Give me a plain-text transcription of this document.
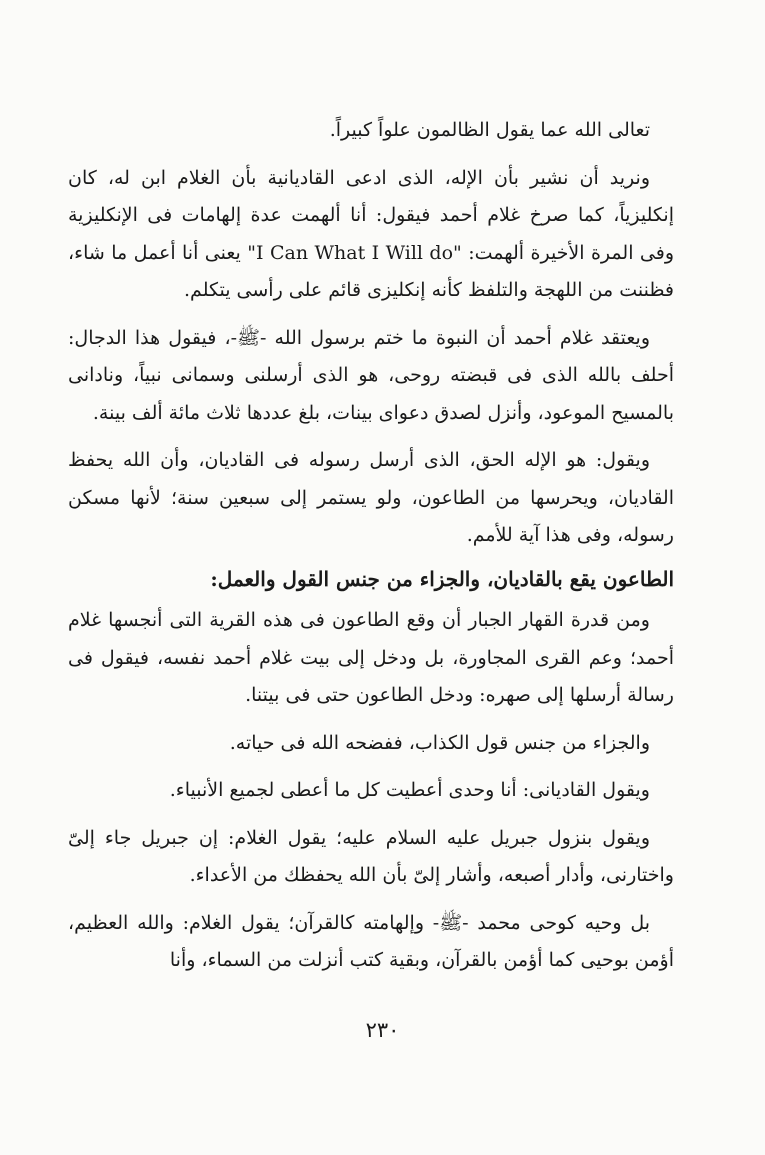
تعالى الله عما يقول الظالمون علواً كبيراً.

ونريد أن نشير بأن الإله، الذى ادعى القاديانية بأن الغلام ابن له، كان إنكليزياً، كما صرخ غلام أحمد فيقول: أنا ألهمت عدة إلهامات فى الإنكليزية وفى المرة الأخيرة ألهمت: "I Can What I Will do" يعنى أنا أعمل ما شاء، فظننت من اللهجة والتلفظ كأنه إنكليزى قائم على رأسى يتكلم.

ويعتقد غلام أحمد أن النبوة ما ختم برسول الله -ﷺ-، فيقول هذا الدجال: أحلف بالله الذى فى قبضته روحى، هو الذى أرسلنى وسمانى نبياً، ونادانى بالمسيح الموعود، وأنزل لصدق دعواى بينات، بلغ عددها ثلاث مائة ألف بينة.

ويقول: هو الإله الحق، الذى أرسل رسوله فى القاديان، وأن الله يحفظ القاديان، ويحرسها من الطاعون، ولو يستمر إلى سبعين سنة؛ لأنها مسكن رسوله، وفى هذا آية للأمم.

الطاعون يقع بالقاديان، والجزاء من جنس القول والعمل:

ومن قدرة القهار الجبار أن وقع الطاعون فى هذه القرية التى أنجسها غلام أحمد؛ وعم القرى المجاورة، بل ودخل إلى بيت غلام أحمد نفسه، فيقول فى رسالة أرسلها إلى صهره: ودخل الطاعون حتى فى بيتنا.

والجزاء من جنس قول الكذاب، ففضحه الله فى حياته.

ويقول القاديانى: أنا وحدى أعطيت كل ما أعطى لجميع الأنبياء.

ويقول بنزول جبريل عليه السلام عليه؛ يقول الغلام: إن جبريل جاء إلىّ واختارنى، وأدار أصبعه، وأشار إلىّ بأن الله يحفظك من الأعداء.

بل وحيه كوحى محمد -ﷺ- وإلهامته كالقرآن؛ يقول الغلام: والله العظيم، أؤمن بوحيى كما أؤمن بالقرآن، وبقية كتب أنزلت من السماء، وأنا

٢٣٠
